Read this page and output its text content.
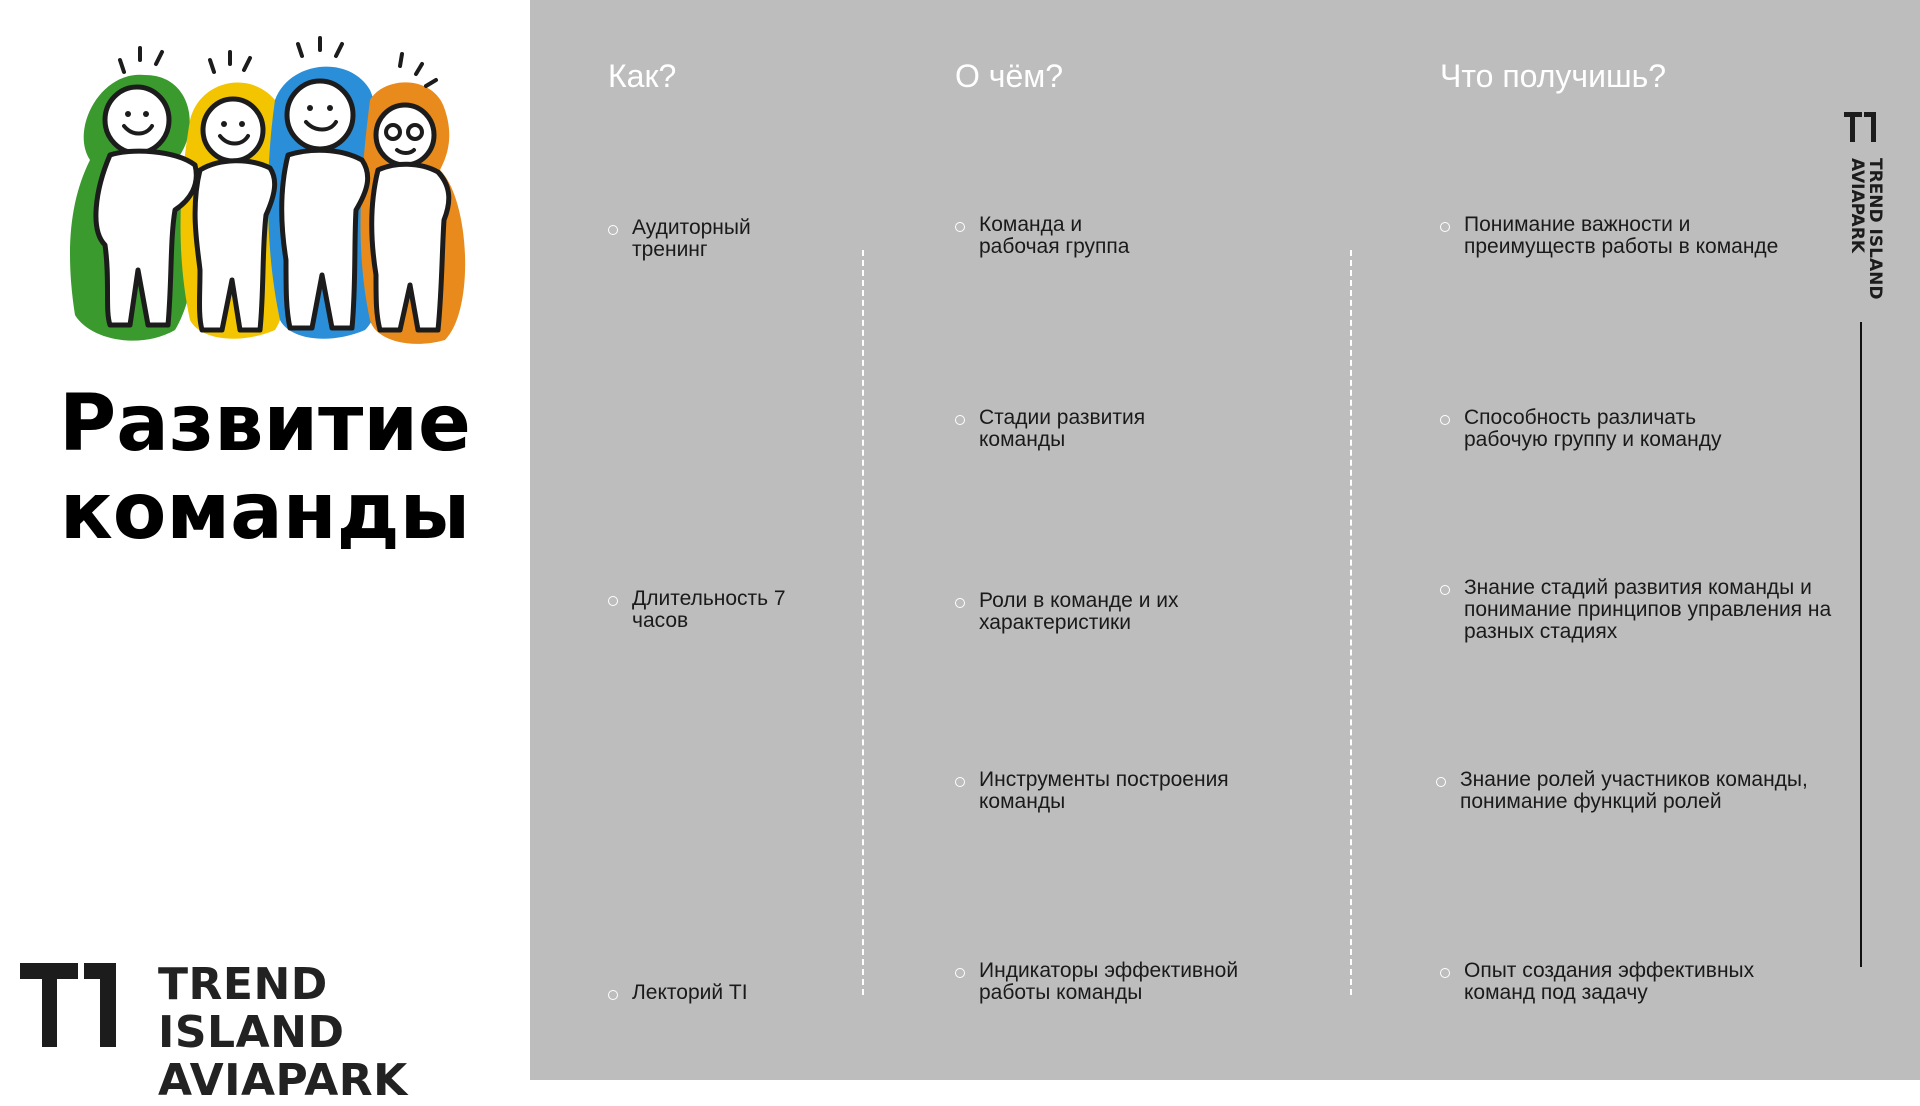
Развитие
команды
TREND ISLAND
AVIAPARK
Как?
Аудиторный
тренинг
Длительность 7
часов
Лекторий TI
О чём?
Команда и
рабочая группа
Стадии развития
команды
Роли в команде и их
характеристики
Инструменты построения
команды
Индикаторы эффективной
работы команды
Что получишь?
Понимание важности и
преимуществ работы в команде
Способность различать
рабочую группу и команду
Знание стадий развития команды и
понимание принципов управления на
разных стадиях
Знание ролей участников команды,
понимание функций ролей
Опыт создания эффективных
команд под задачу
TREND ISLAND
AVIAPARK
